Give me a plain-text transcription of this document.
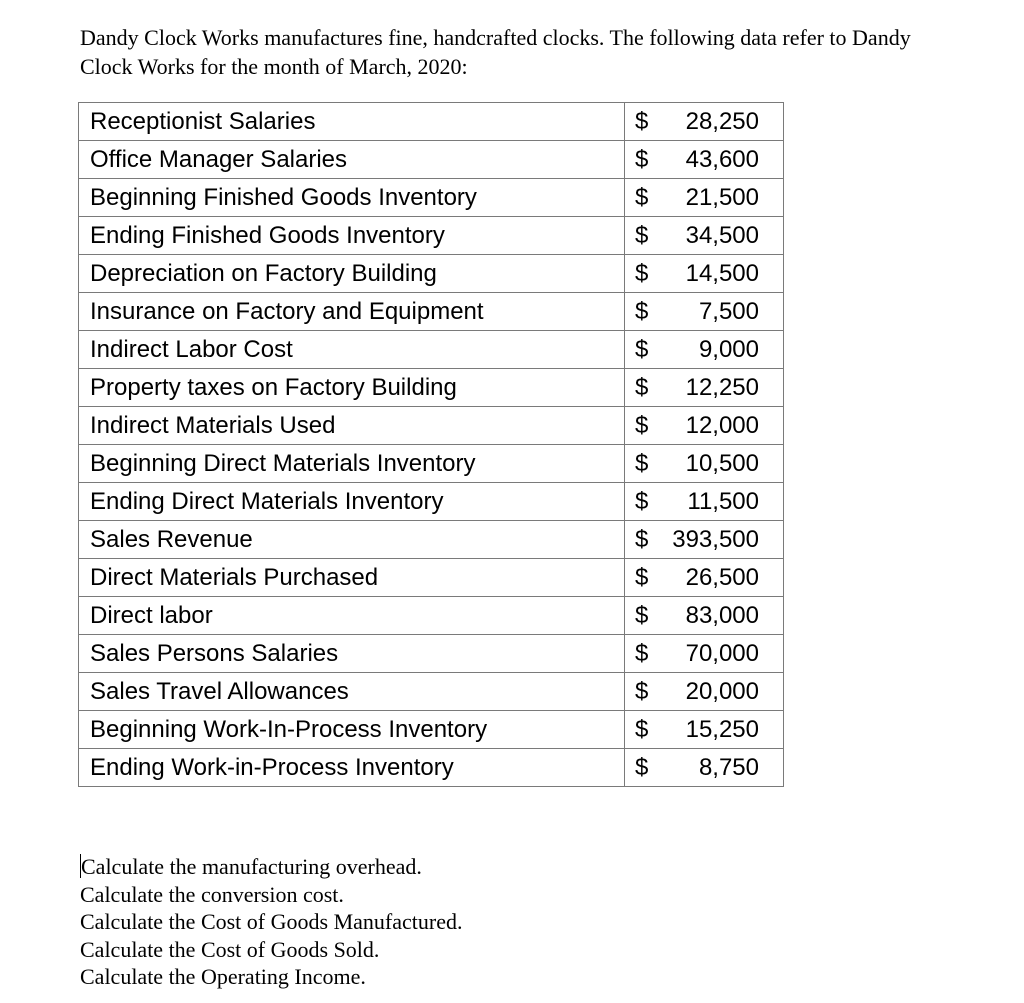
Dandy Clock Works manufactures fine, handcrafted clocks. The following data refer to Dandy
Clock Works for the month of March, 2020:

Receptionist Salaries	$ 28,250

Office Manager Salaries	$ 43,600

Beginning Finished Goods Inventory	$ 21,500

Ending Finished Goods Inventory	$ 34,500

Depreciation on Factory Building	$ 14,500

Insurance on Factory and Equipment	$ 7,500

Indirect Labor Cost	$ 9,000

Property taxes on Factory Building	$ 12,250

Indirect Materials Used	$ 12,000

Beginning Direct Materials Inventory	$ 10,500

Ending Direct Materials Inventory	$ 11,500

Sales Revenue	$ 393,500

Direct Materials Purchased	$ 26,500

Direct labor	$ 83,000

Sales Persons Salaries	$ 70,000

Sales Travel Allowances	$ 20,000

Beginning Work-In-Process Inventory	$ 15,250

Ending Work-in-Process Inventory	$ 8,750
Calculate the manufacturing overhead.
Calculate the conversion cost.
Calculate the Cost of Goods Manufactured.
Calculate the Cost of Goods Sold.
Calculate the Operating Income.
